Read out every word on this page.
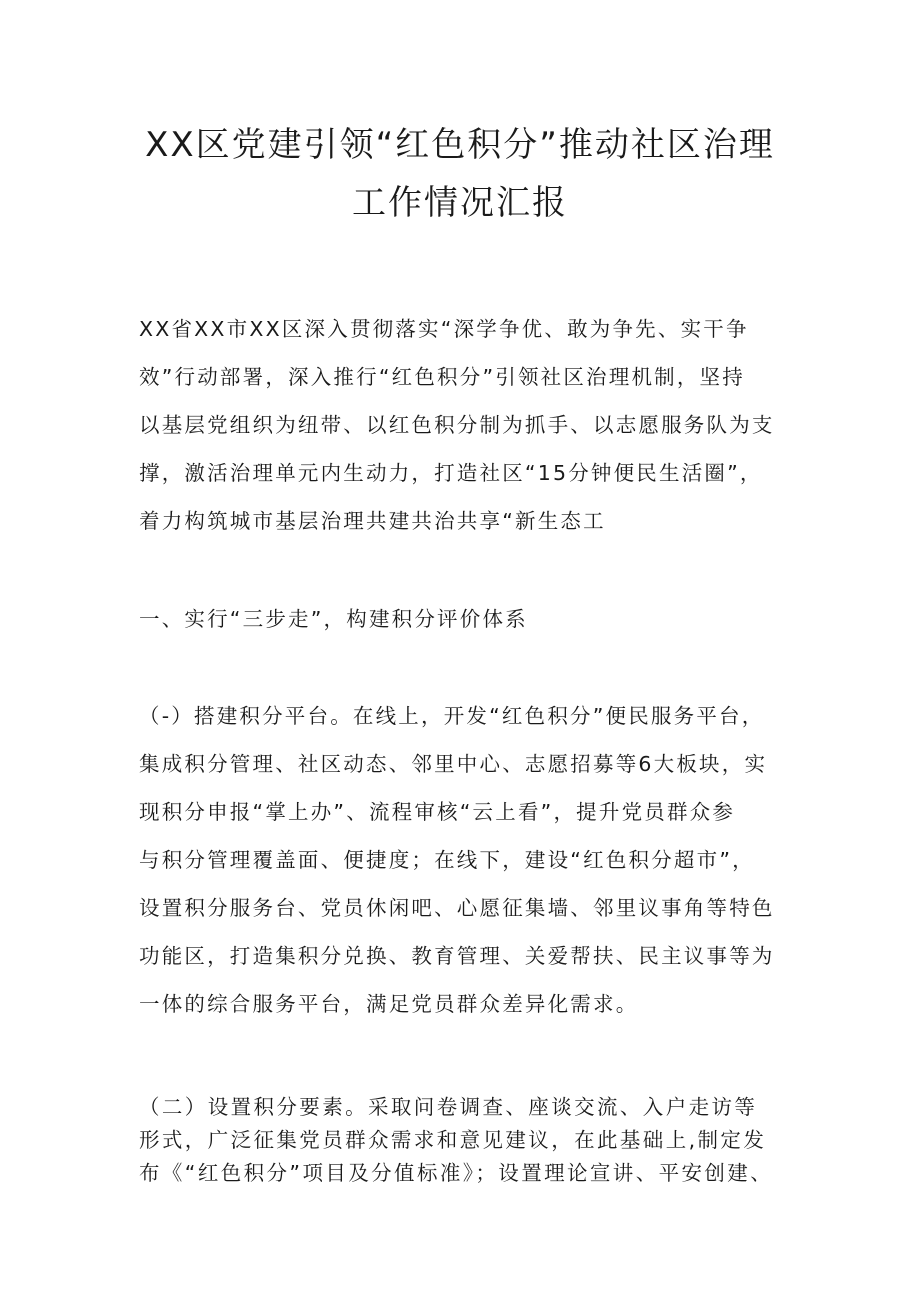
XX区党建引领“红色积分”推动社区治理
工作情况汇报
XX省XX市XX区深入贯彻落实“深学争优、敢为争先、实干争
效”行动部署，深入推行“红色积分”引领社区治理机制，坚持
以基层党组织为纽带、以红色积分制为抓手、以志愿服务队为支
撑，激活治理单元内生动力，打造社区“15分钟便民生活圈”，
着力构筑城市基层治理共建共治共享“新生态工
一、实行“三步走”，构建积分评价体系
（-）搭建积分平台。在线上，开发“红色积分”便民服务平台，
集成积分管理、社区动态、邻里中心、志愿招募等6大板块，实
现积分申报“掌上办”、流程审核“云上看”，提升党员群众参
与积分管理覆盖面、便捷度；在线下，建设“红色积分超市”，
设置积分服务台、党员休闲吧、心愿征集墙、邻里议事角等特色
功能区，打造集积分兑换、教育管理、关爱帮扶、民主议事等为
一体的综合服务平台，满足党员群众差异化需求。
（二）设置积分要素。采取问卷调查、座谈交流、入户走访等
形式，广泛征集党员群众需求和意见建议，在此基础上,制定发
布《“红色积分”项目及分值标准》；设置理论宣讲、平安创建、
